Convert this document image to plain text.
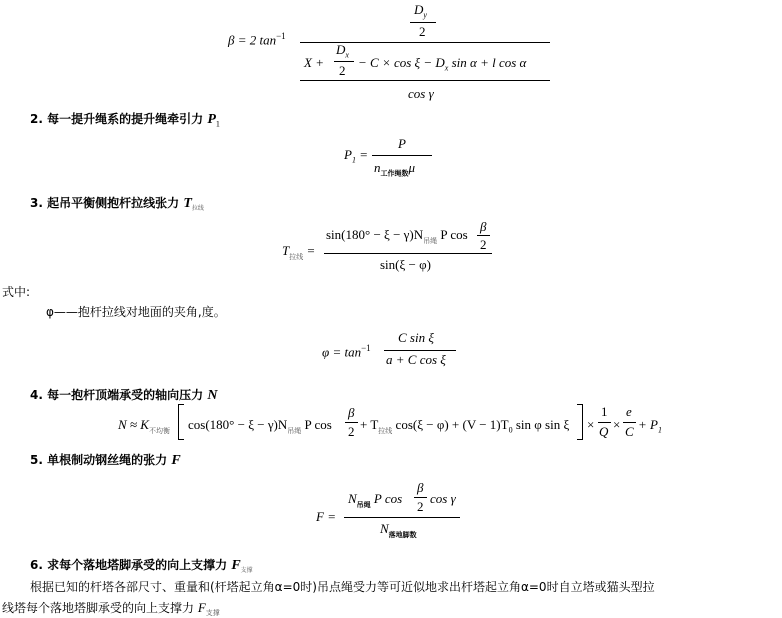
β = 2 $\tan^{-1}$
$D_y$
2
X +
$D_x$
2
− $C \times \cos \xi - D_x$ sin α + l cos α
cos γ
2. 每一提升绳系的提升绳牵引力 $P_1$
$P_1$ =
P
$n_{工作绳数}\mu$
3. 起吊平衡侧抱杆拉线张力 $T_{拉线}$
$T_{拉线}$ =
$\sin(180^\circ - \xi - \gamma)N_{吊绳}$ P cos
β
2
sin(ξ − φ)
式中:
φ——抱杆拉线对地面的夹角,度。
$\varphi = \tan^{-1}$
C sin ξ
a + C cos ξ
4. 每一抱杆顶端承受的轴向压力 N
$N \approx K_{不均衡}$ $\cos(180^\circ - \xi - \gamma)N_{吊绳}$ P cos
β
$2 + T_{拉线}$ $\cos(\xi - \varphi) + (V - 1)T_0$ sin φ sin ξ ×
1
Q ×
e
$C + P_1$
5. 单根制动钢丝绳的张力 F
F =
$N_{吊绳}$ P cos
β
2
cos γ
$N_{落地脚数}$
6. 求每个落地塔脚承受的向上支撑力 $F_{支撑}$
根据已知的杆塔各部尺寸、重量和(杆塔起立角α=0时)吊点绳受力等可近似地求出杆塔起立角α=0时自立塔或猫头型拉
线塔每个落地塔脚承受的向上支撑力 $F_{支撑}$
